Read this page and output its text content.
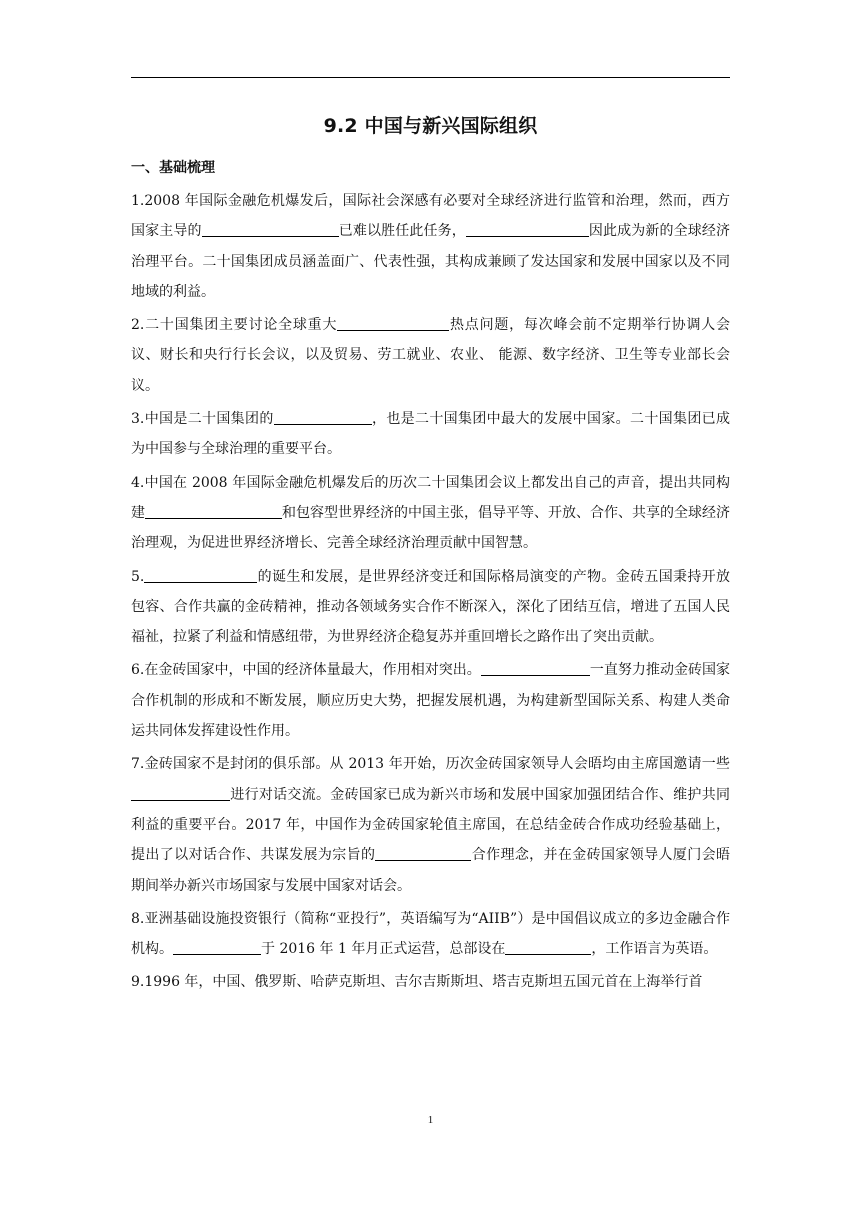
9.2 中国与新兴国际组织
一、基础梳理

1.2008 年国际金融危机爆发后，国际社会深感有必要对全球经济进行监管和治理，然而，西方国家主导的	已难以胜任此任务，	因此成为新的全球经济治理平台。二十国集团成员涵盖面广、代表性强，其构成兼顾了发达国家和发展中国家以及不同地域的利益。

2.二十国集团主要讨论全球重大	热点问题，每次峰会前不定期举行协调人会议、财长和央行行长会议，以及贸易、劳工就业、农业、 能源、数字经济、卫生等专业部长会议。

3.中国是二十国集团的	，也是二十国集团中最大的发展中国家。二十国集团已成为中国参与全球治理的重要平台。

4.中国在 2008 年国际金融危机爆发后的历次二十国集团会议上都发出自己的声音，提出共同构建	和包容型世界经济的中国主张，倡导平等、开放、合作、共享的全球经济治理观，为促进世界经济增长、完善全球经济治理贡献中国智慧。

5.	的诞生和发展，是世界经济变迁和国际格局演变的产物。金砖五国秉持开放包容、合作共赢的金砖精神，推动各领域务实合作不断深入，深化了团结互信，增进了五国人民福祉，拉紧了利益和情感纽带，为世界经济企稳复苏并重回增长之路作出了突出贡献。

6.在金砖国家中，中国的经济体量最大，作用相对突出。	一直努力推动金砖国家合作机制的形成和不断发展，顺应历史大势，把握发展机遇，为构建新型国际关系、构建人类命运共同体发挥建设性作用。

7.金砖国家不是封闭的俱乐部。从 2013 年开始，历次金砖国家领导人会晤均由主席国邀请一些进行对话交流。金砖国家已成为新兴市场和发展中国家加强团结合作、维护共同利益的重要平台。2017 年，中国作为金砖国家轮值主席国，在总结金砖合作成功经验基础上，提出了以对话合作、共谋发展为宗旨的	合作理念，并在金砖国家领导人厦门会晤期间举办新兴市场国家与发展中国家对话会。

8.亚洲基础设施投资银行（简称“亚投行”，英语编写为“AIIB”）是中国倡议成立的多边金融合作机构。	于 2016 年 1 年月正式运营，总部设在	，工作语言为英语。

9.1996 年，中国、俄罗斯、哈萨克斯坦、吉尔吉斯斯坦、塔吉克斯坦五国元首在上海举行首

1
